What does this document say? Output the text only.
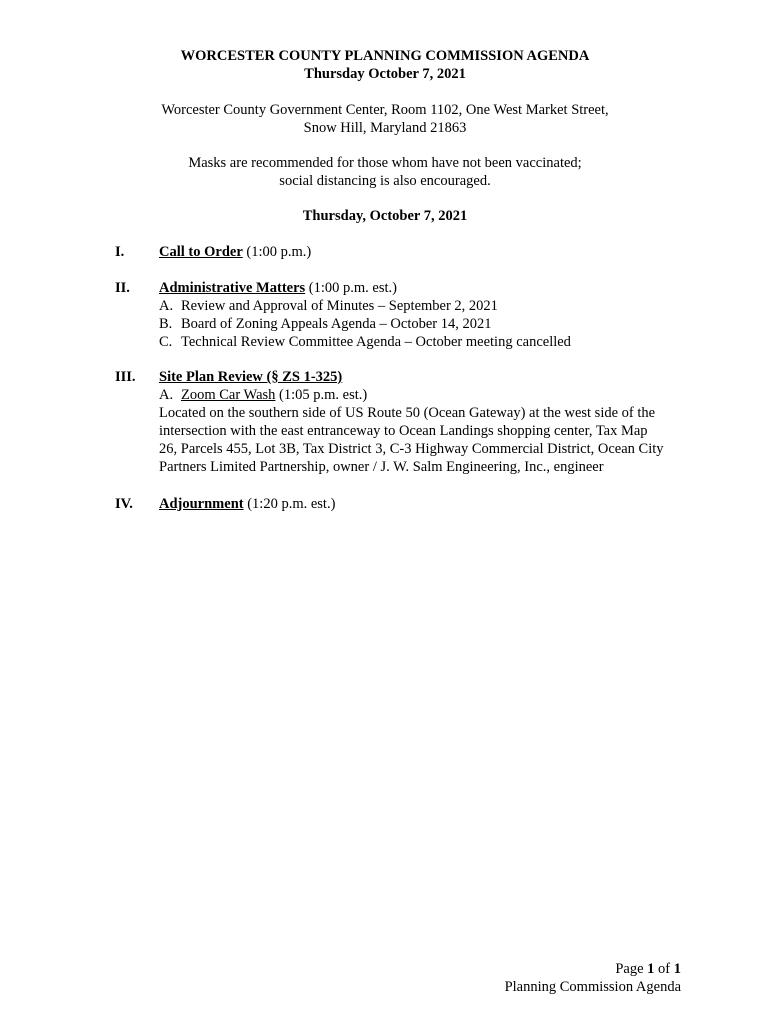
WORCESTER COUNTY PLANNING COMMISSION AGENDA
Thursday October 7, 2021
Worcester County Government Center, Room 1102, One West Market Street,
Snow Hill, Maryland 21863
Masks are recommended for those whom have not been vaccinated;
social distancing is also encouraged.
Thursday, October 7, 2021
I.	Call to Order (1:00 p.m.)
II.	Administrative Matters (1:00 p.m. est.)
A. Review and Approval of Minutes – September 2, 2021
B. Board of Zoning Appeals Agenda – October 14, 2021
C. Technical Review Committee Agenda – October meeting cancelled
III.	Site Plan Review (§ ZS 1-325)
A. Zoom Car Wash (1:05 p.m. est.)
Located on the southern side of US Route 50 (Ocean Gateway) at the west side of the
intersection with the east entranceway to Ocean Landings shopping center, Tax Map
26, Parcels 455, Lot 3B, Tax District 3, C-3 Highway Commercial District, Ocean City
Partners Limited Partnership, owner / J. W. Salm Engineering, Inc., engineer
IV.	Adjournment (1:20 p.m. est.)
Page 1 of 1
Planning Commission Agenda
